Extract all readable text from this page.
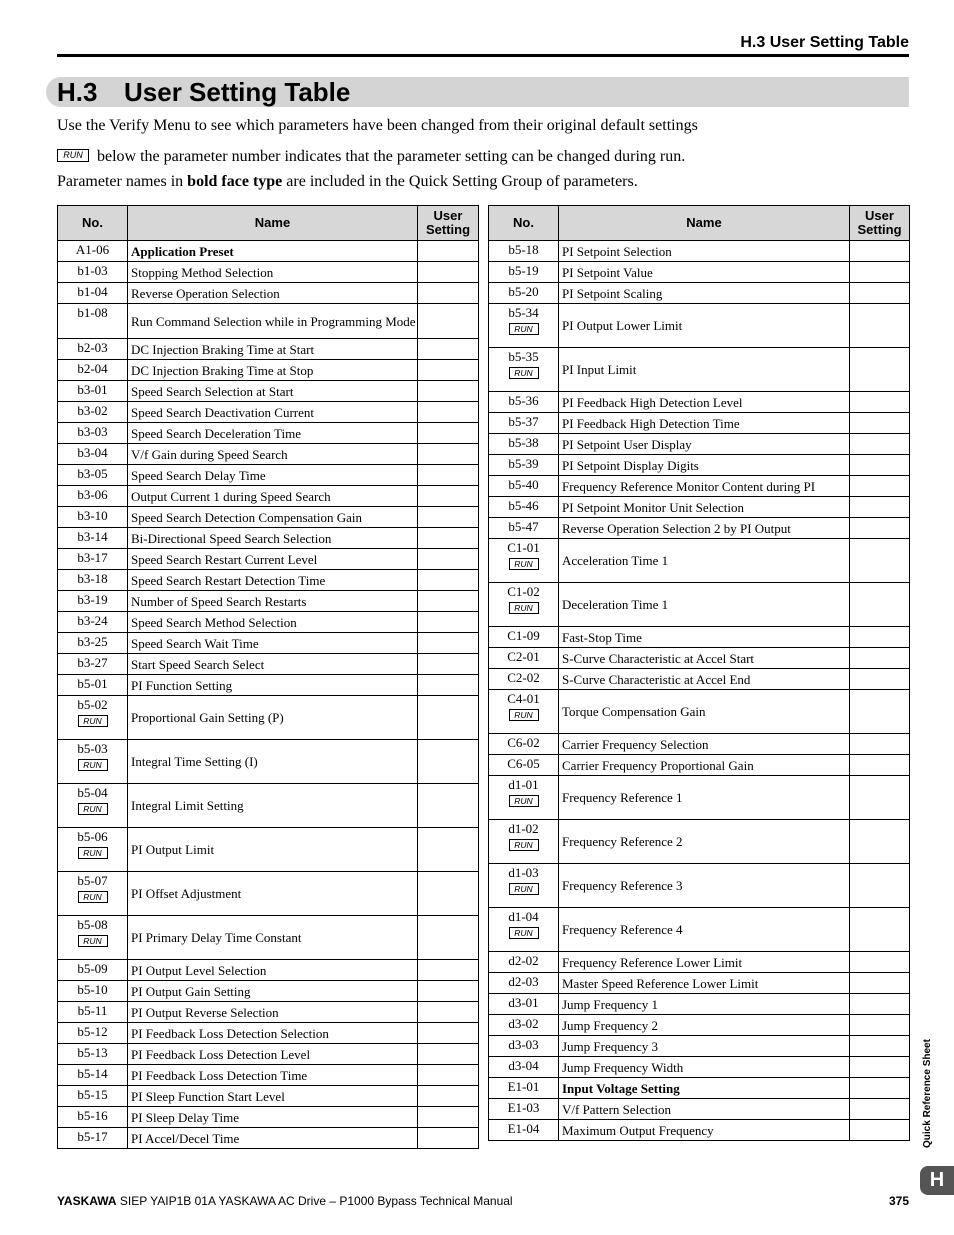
H.3 User Setting Table
H.3 User Setting Table
Use the Verify Menu to see which parameters have been changed from their original default settings
RUN below the parameter number indicates that the parameter setting can be changed during run.
Parameter names in bold face type are included in the Quick Setting Group of parameters.
No.	Name	User
Setting
A1-06	Application Preset	
b1-03	Stopping Method Selection	
b1-04	Reverse Operation Selection	
b1-08	Run Command Selection while in Programming Mode	
b2-03	DC Injection Braking Time at Start	
b2-04	DC Injection Braking Time at Stop	
b3-01	Speed Search Selection at Start	
b3-02	Speed Search Deactivation Current	
b3-03	Speed Search Deceleration Time	
b3-04	V/f Gain during Speed Search	
b3-05	Speed Search Delay Time	
b3-06	Output Current 1 during Speed Search	
b3-10	Speed Search Detection Compensation Gain	
b3-14	Bi-Directional Speed Search Selection	
b3-17	Speed Search Restart Current Level	
b3-18	Speed Search Restart Detection Time	
b3-19	Number of Speed Search Restarts	
b3-24	Speed Search Method Selection	
b3-25	Speed Search Wait Time	
b3-27	Start Speed Search Select	
b5-01	PI Function Setting	
b5-02
RUN	Proportional Gain Setting (P)	
b5-03
RUN	Integral Time Setting (I)	
b5-04
RUN	Integral Limit Setting	
b5-06
RUN	PI Output Limit	
b5-07
RUN	PI Offset Adjustment	
b5-08
RUN	PI Primary Delay Time Constant	
b5-09	PI Output Level Selection	
b5-10	PI Output Gain Setting	
b5-11	PI Output Reverse Selection	
b5-12	PI Feedback Loss Detection Selection	
b5-13	PI Feedback Loss Detection Level	
b5-14	PI Feedback Loss Detection Time	
b5-15	PI Sleep Function Start Level	
b5-16	PI Sleep Delay Time	
b5-17	PI Accel/Decel Time	
No.	Name	User
Setting
b5-18	PI Setpoint Selection	
b5-19	PI Setpoint Value	
b5-20	PI Setpoint Scaling	
b5-34
RUN	PI Output Lower Limit	
b5-35
RUN	PI Input Limit	
b5-36	PI Feedback High Detection Level	
b5-37	PI Feedback High Detection Time	
b5-38	PI Setpoint User Display	
b5-39	PI Setpoint Display Digits	
b5-40	Frequency Reference Monitor Content during PI	
b5-46	PI Setpoint Monitor Unit Selection	
b5-47	Reverse Operation Selection 2 by PI Output	
C1-01
RUN	Acceleration Time 1	
C1-02
RUN	Deceleration Time 1	
C1-09	Fast-Stop Time	
C2-01	S-Curve Characteristic at Accel Start	
C2-02	S-Curve Characteristic at Accel End	
C4-01
RUN	Torque Compensation Gain	
C6-02	Carrier Frequency Selection	
C6-05	Carrier Frequency Proportional Gain	
d1-01
RUN	Frequency Reference 1	
d1-02
RUN	Frequency Reference 2	
d1-03
RUN	Frequency Reference 3	
d1-04
RUN	Frequency Reference 4	
d2-02	Frequency Reference Lower Limit	
d2-03	Master Speed Reference Lower Limit	
d3-01	Jump Frequency 1	
d3-02	Jump Frequency 2	
d3-03	Jump Frequency 3	
d3-04	Jump Frequency Width	
E1-01	Input Voltage Setting	
E1-03	V/f Pattern Selection	
E1-04	Maximum Output Frequency		Quick Reference Sheet
H
YASKAWA SIEP YAIP1B 01A YASKAWA AC Drive – P1000 Bypass Technical Manual	375
